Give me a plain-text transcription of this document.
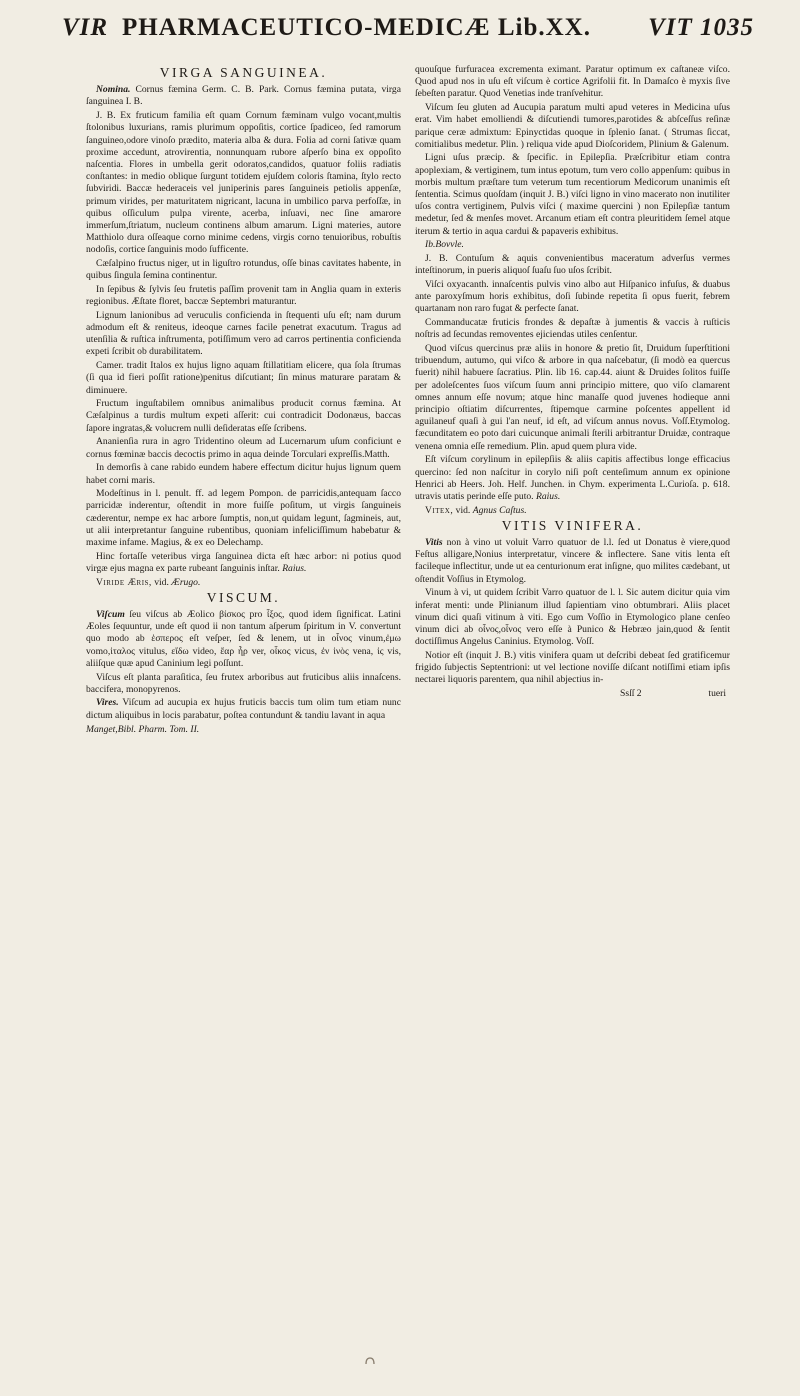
VIR PHARMACEUTICO-MEDICÆ Lib.XX. VIT 1035
VIRGA SANGUINEA.

Nomina. Cornus fæmina Germ. C. B. Park. Cornus fæmina putata, virga ſanguinea I. B.

J. B. Ex fruticum familia eſt quam Cornum fæminam vulgo vocant,multis ſtolonibus luxurians, ramis plurimum oppoſitis, cortice ſpadiceo, ſed ramorum ſanguineo,odore vinoſo prædito, materia alba & dura. Folia ad corni ſativæ quam proxime accedunt, atrovirentia, nonnunquam rubore aſperſo bina ex oppoſito naſcentia. Flores in umbella gerit odoratos,candidos, quatuor foliis radiatis conſtantes: in medio oblique ſurgunt totidem ejuſdem coloris ſtamina, ſtylo recto ſubviridi. Baccæ hederaceis vel juniperinis pares ſanguineis petiolis appenſæ, primum virides, per maturitatem nigricant, lacuna in umbilico parva perfoſſæ, in quibus oſſiculum pulpa virente, acerba, inſuavi, nec ſine amarore immerſum,ſtriatum, nucleum continens album amarum. Ligni materies, autore Matthiolo dura oſſeaque corno minime cedens, virgis corno tenuioribus, robuſtis nodoſis, cortice ſanguinis modo ſufficente.

Cæſalpino fructus niger, ut in liguſtro rotundus, oſſe binas cavitates habente, in quibus ſingula ſemina continentur.

In ſepibus & ſylvis ſeu frutetis paſſim provenit tam in Anglia quam in exteris regionibus. Æſtate floret, baccæ Septembri maturantur.

Lignum lanionibus ad veruculis conficienda in ſtequenti uſu eſt; nam durum admodum eſt & reniteus, ideoque carnes facile penetrat exacutum. Tragus ad utenſilia & ruſtica inſtrumenta, potiſſimum vero ad carros pertinentia conficienda expeti ſcribit ob durabilitatem.

Camer. tradit Italos ex hujus ligno aquam ſtillatitiam elicere, qua ſola ſtrumas (ſi qua id fieri poſſit ratione)penitus diſcutiant; ſin minus maturare paratam & diminuere.

Fructum inguſtabilem omnibus animalibus producit cornus fæmina. At Cæſalpinus a turdis multum expeti aſſerit: cui contradicit Dodonæus, baccas ſapore ingratas,& volucrem nulli deſideratas eſſe ſcribens.

Ananienſia rura in agro Tridentino oleum ad Lucernarum uſum conficiunt e cornus fœminæ baccis decoctis primo in aqua deinde Torculari expreſſis.Matth.

In demorſis à cane rabido eundem habere effectum dicitur hujus lignum quem habet corni maris.

Modeſtinus in l. penult. ff. ad legem Pompon. de parricidis,antequam ſacco parricidæ inderentur, oſtendit in more fuiſſe poſitum, ut virgis ſanguineis cæderentur, nempe ex hac arbore ſumptis, non,ut quidam legunt, ſagmineis, aut, ut alii interpretantur ſanguine rubentibus, quoniam infeliciſſimum habebatur & maxime infame. Magius, & ex eo Delechamp.

Hinc fortaſſe veteribus virga ſanguinea dicta eſt hæc arbor: ni potius quod virgæ ejus magna ex parte rubeant ſanguinis inſtar. Raius.

Viride Æris, vid. Ærugo.

VISCUM.

Viſcum ſeu viſcus ab Æolico βίσκος pro ἶξος, quod idem ſignificat. Latini Æoles ſequuntur, unde eſt quod ii non tantum aſperum ſpiritum in V. convertunt quo modo ab ἑσπερος eſt veſper, ſed & lenem, ut in οἶνος vinum,ἐμω vomo,ἰταλος vitulus, εἴδω video, ἔαρ ἦρ ver, οἶκος vicus, ἐν ἰνὸς vena, ἰς vis, aliiſque quæ apud Caninium legi poſſunt.

Viſcus eſt planta paraſitica, ſeu frutex arboribus aut fruticibus aliis innaſcens. baccifera, monopyrenos.

Vires. Viſcum ad aucupia ex hujus fruticis baccis tum olim tum etiam nunc dictum aliquibus in locis parabatur, poſtea contundunt & tandiu lavant in aqua

Manget,Bibl. Pharm. Tom. II.

quouſque furfuracea excrementa eximant. Paratur optimum ex caſtaneæ viſco. Quod apud nos in uſu eſt viſcum è cortice Agrifolii fit. In Damaſco è myxis ſive ſebeſten paratur. Quod Venetias inde tranſvehitur.

Viſcum ſeu gluten ad Aucupia paratum multi apud veteres in Medicina uſus erat. Vim habet emolliendi & diſcutiendi tumores,parotides & abſceſſus reſinæ parique ceræ admixtum: Epinyctidas quoque in ſplenio ſanat. ( Strumas ſiccat, comitialibus medetur. Plin. ) reliqua vide apud Dioſcoridem, Plinium & Galenum.

Ligni uſus præcip. & ſpecific. in Epilepſia. Præſcribitur etiam contra apoplexiam, & vertiginem, tum intus epotum, tum vero collo appenſum: quibus in morbis multum præſtare tum veterum tum recentiorum Medicorum unanimis eſt ſententia. Scimus quoſdam (inquit J. B.) viſci ligno in vino macerato non inutiliter uſos contra vertiginem, Pulvis viſci ( maxime quercini ) non Epilepſiæ tantum medetur, ſed & menſes movet. Arcanum etiam eſt contra pleuritidem ſemel atque iterum & tertio in aqua cardui & papaveris exhibitus.

Ib.Bovvle.

J. B. Contuſum & aquis convenientibus maceratum adverſus vermes inteſtinorum, in pueris aliquoſ ſuaſu ſuo uſos ſcribit.

Viſci oxyacanth. innaſcentis pulvis vino albo aut Hiſpanico infuſus, & duabus ante paroxyſmum horis exhibitus, doſi ſubinde repetita ſi opus fuerit, febrem quartanam non raro fugat & perfecte ſanat.

Commanducatæ fruticis frondes & depaſtæ à jumentis & vaccis à ruſticis noſtris ad ſecundas removentes ejiciendas utiles cenſentur.

Quod viſcus quercinus præ aliis in honore & pretio ſit, Druidum ſuperſtitioni tribuendum, autumo, qui viſco & arbore in qua naſcebatur, (ſi modò ea quercus fuerit) nihil habuere ſacratius. Plin. lib 16. cap.44. aiunt & Druides ſolitos fuiſſe per adoleſcentes ſuos viſcum ſuum anni principio mittere, quo viſo clamarent omnes annum eſſe novum; atque hinc manaſſe quod juvenes hodieque anni principio oſtiatim diſcurrentes, ſtipemque carmine poſcentes appellent id aguilaneuf quaſi à gui l'an neuf, id eſt, ad viſcum annus novus. Voſſ.Etymolog. fæcunditatem eo poto dari cuicunque animali ſterili arbitrantur Druidæ, contraque venena omnia eſſe remedium. Plin. apud quem plura vide.

Eſt viſcum corylinum in epilepſiis & aliis capitis affectibus longe efficacius quercino: ſed non naſcitur in corylo niſi poſt centeſimum annum ex opinione Henrici ab Heers. Joh. Helf. Junchen. in Chym. experimenta L.Curioſa. p. 618. utravis utatis perinde eſſe puto. Raius.

Vitex, vid. Agnus Caſtus.

VITIS VINIFERA.

Vitis non à vino ut voluit Varro quatuor de l.l. ſed ut Donatus è viere,quod Feſtus alligare,Nonius interpretatur, vincere & inflectere. Sane vitis lenta eſt facileque inflectitur, unde ut ea centurionum erat inſigne, quo milites cædebant, ut oſtendit Voſſius in Etymolog.

Vinum à vi, ut quidem ſcribit Varro quatuor de l. l. Sic autem dicitur quia vim inferat menti: unde Plinianum illud ſapientiam vino obtumbrari. Aliis placet vinum dici quaſi vitinum à viti. Ego cum Voſſio in Etymologico plane cenſeo vinum dici ab οἶνος,οἶνος vero eſſe à Punico & Hebræo jain,quod & ſentit doctiſſimus Angelus Caninius. Etymolog. Voſſ.

Notior eſt (inquit J. B.) vitis vinifera quam ut deſcribi debeat ſed gratificemur frigido ſubjectis Septentrioni: ut vel lectione noviſſe diſcant notiſſimi etiam ipſis nectarei liquoris parentem, qua nihil abjectius in-

Ssſſ 2	tueri
